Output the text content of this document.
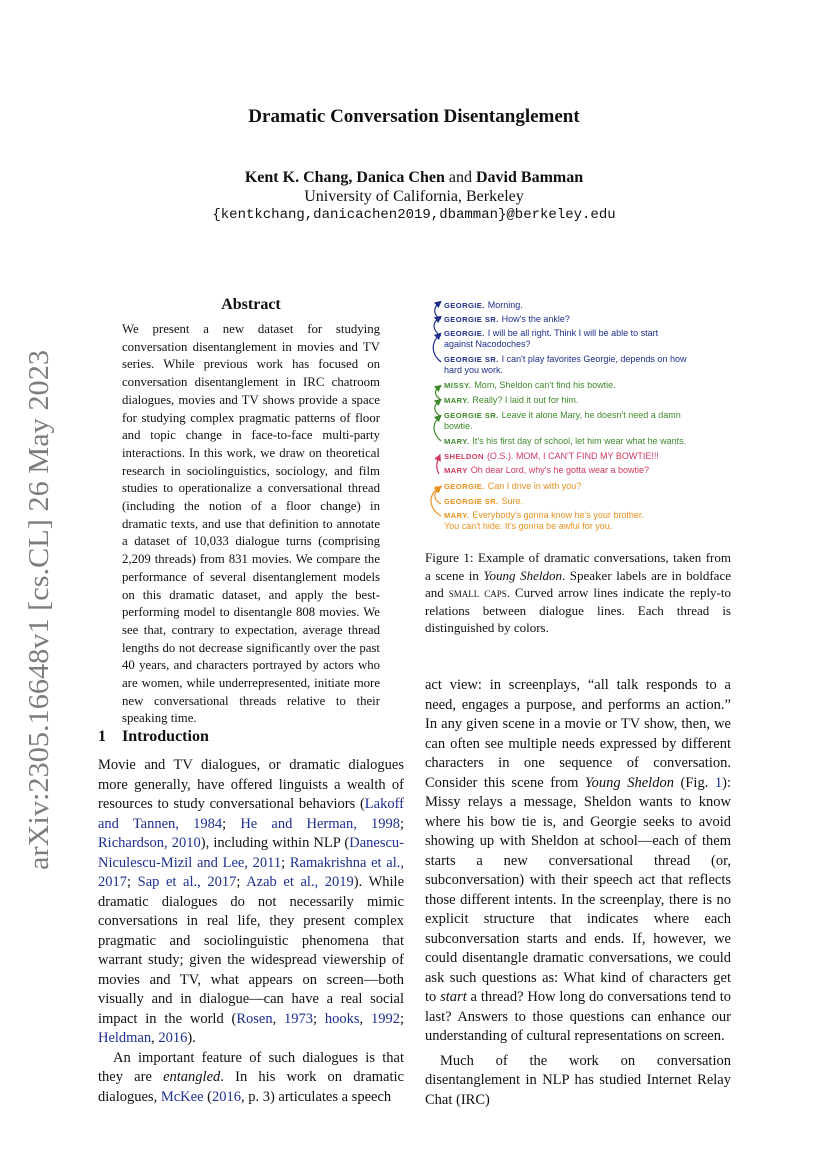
arXiv:2305.16648v1 [cs.CL] 26 May 2023
Dramatic Conversation Disentanglement
Kent K. Chang, Danica Chen and David Bamman
University of California, Berkeley
{kentkchang,danicachen2019,dbamman}@berkeley.edu
Abstract
We present a new dataset for studying conversation disentanglement in movies and TV series. While previous work has focused on conversation disentanglement in IRC chatroom dialogues, movies and TV shows provide a space for studying complex pragmatic patterns of floor and topic change in face-to-face multi-party interactions. In this work, we draw on theoretical research in sociolinguistics, sociology, and film studies to operationalize a conversational thread (including the notion of a floor change) in dramatic texts, and use that definition to annotate a dataset of 10,033 dialogue turns (comprising 2,209 threads) from 831 movies. We compare the performance of several disentanglement models on this dramatic dataset, and apply the best-performing model to disentangle 808 movies. We see that, contrary to expectation, average thread lengths do not decrease significantly over the past 40 years, and characters portrayed by actors who are women, while underrepresented, initiate more new conversational threads relative to their speaking time.
1 Introduction

Movie and TV dialogues, or dramatic dialogues more generally, have offered linguists a wealth of resources to study conversational behaviors (Lakoff and Tannen, 1984; He and Herman, 1998; Richardson, 2010), including within NLP (Danescu-Niculescu-Mizil and Lee, 2011; Ramakrishna et al., 2017; Sap et al., 2017; Azab et al., 2019). While dramatic dialogues do not necessarily mimic conversations in real life, they present complex pragmatic and sociolinguistic phenomena that warrant study; given the widespread viewership of movies and TV, what appears on screen—both visually and in dialogue—can have a real social impact in the world (Rosen, 1973; hooks, 1992; Heldman, 2016).

An important feature of such dialogues is that they are entangled. In his work on dramatic dialogues, McKee (2016, p. 3) articulates a speech

GEORGIE. Morning.
GEORGIE SR. How's the ankle?
GEORGIE. I will be all right. Think I will be able to start
against Nacodoches?
GEORGIE SR. I can't play favorites Georgie, depends on how
hard you work.
MISSY. Mom, Sheldon can't find his bowtie.
MARY. Really? I laid it out for him.
GEORGIE SR. Leave it alone Mary, he doesn't need a damn
bowtie.
MARY. It's his first day of school, let him wear what he wants.
SHELDON (O.S.). MOM, I CAN'T FIND MY BOWTIE!!!
MARY Oh dear Lord, why's he gotta wear a bowtie?
GEORGIE. Can I drive in with you?
GEORGIE SR. Sure.
MARY. Everybody's gonna know he's your brother.
You can't hide. It's gonna be awful for you.
Figure 1: Example of dramatic conversations, taken from a scene in Young Sheldon. Speaker labels are in boldface and small caps. Curved arrow lines indicate the reply-to relations between dialogue lines. Each thread is distinguished by colors.

act view: in screenplays, “all talk responds to a need, engages a purpose, and performs an action.” In any given scene in a movie or TV show, then, we can often see multiple needs expressed by different characters in one sequence of conversation. Consider this scene from Young Sheldon (Fig. 1): Missy relays a message, Sheldon wants to know where his bow tie is, and Georgie seeks to avoid showing up with Sheldon at school—each of them starts a new conversational thread (or, subconversation) with their speech act that reflects those different intents. In the screenplay, there is no explicit structure that indicates where each subconversation starts and ends. If, however, we could disentangle dramatic conversations, we could ask such questions as: What kind of characters get to start a thread? How long do conversations tend to last? Answers to those questions can enhance our understanding of cultural representations on screen.

Much of the work on conversation disentanglement in NLP has studied Internet Relay Chat (IRC)
